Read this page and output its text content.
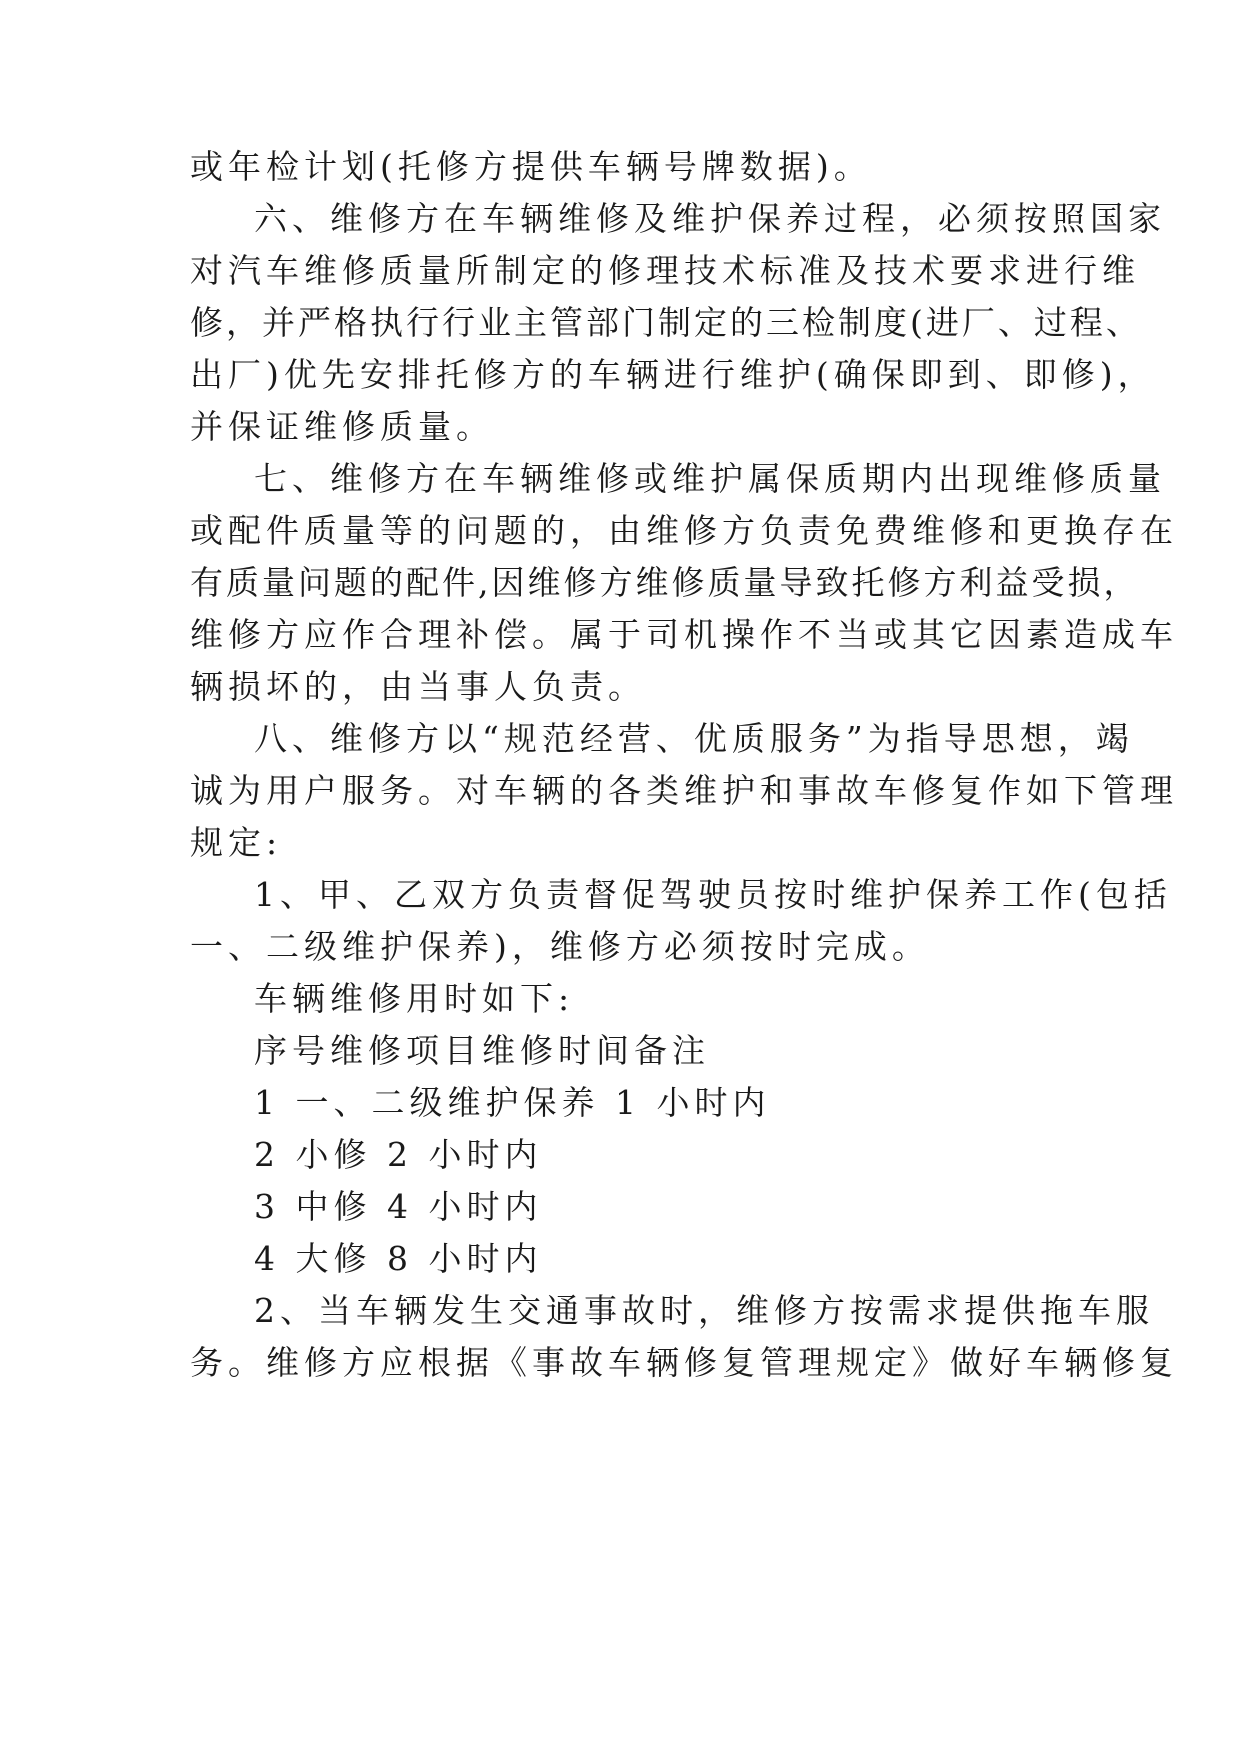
或年检计划(托修方提供车辆号牌数据)。
六、维修方在车辆维修及维护保养过程，必须按照国家
对汽车维修质量所制定的修理技术标准及技术要求进行维
修，并严格执行行业主管部门制定的三检制度(进厂、过程、
出厂)优先安排托修方的车辆进行维护(确保即到、即修)，
并保证维修质量。
七、维修方在车辆维修或维护属保质期内出现维修质量
或配件质量等的问题的，由维修方负责免费维修和更换存在
有质量问题的配件,因维修方维修质量导致托修方利益受损，
维修方应作合理补偿。属于司机操作不当或其它因素造成车
辆损坏的，由当事人负责。
八、维修方以“规范经营、优质服务”为指导思想，竭
诚为用户服务。对车辆的各类维护和事故车修复作如下管理
规定:
1、甲、乙双方负责督促驾驶员按时维护保养工作(包括
一、二级维护保养)，维修方必须按时完成。
车辆维修用时如下:
序号维修项目维修时间备注
1 一、二级维护保养 1 小时内
2 小修 2 小时内
3 中修 4 小时内
4 大修 8 小时内
2、当车辆发生交通事故时，维修方按需求提供拖车服
务。维修方应根据《事故车辆修复管理规定》做好车辆修复
